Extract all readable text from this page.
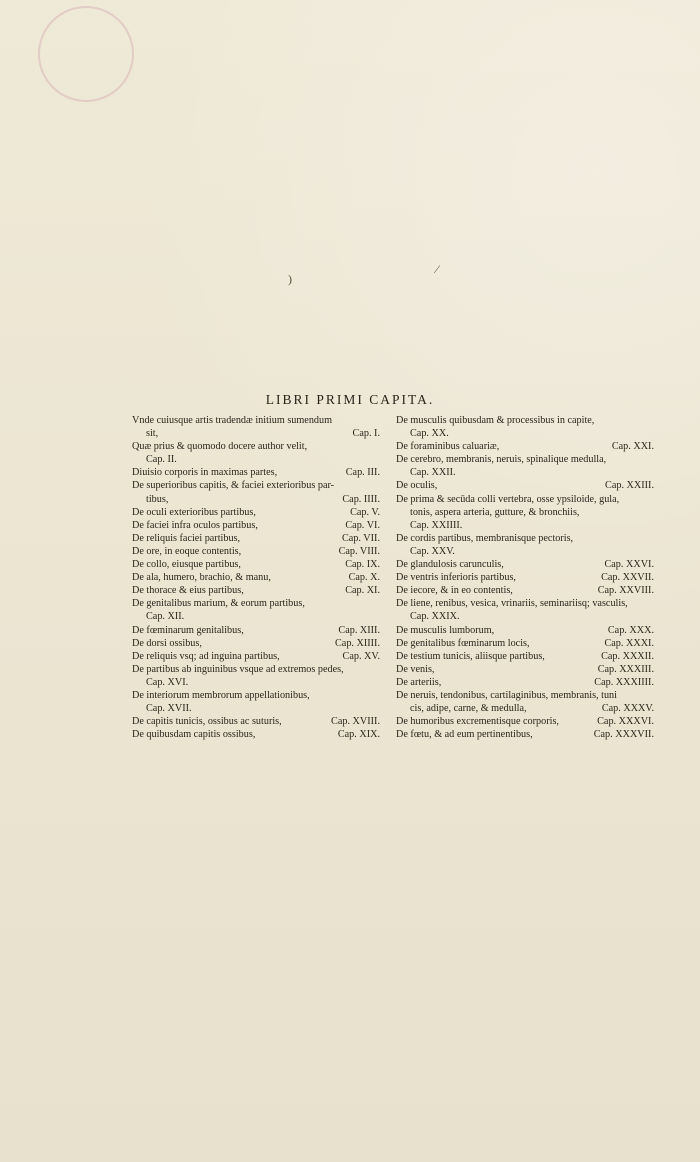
)
⁄
LIBRI PRIMI CAPITA.
Vnde cuiusque artis tradendæ initium sumendum
sit,	Cap. I.
Quæ prius & quomodo docere author velit,
Cap. II.
Diuisio corporis in maximas partes,	Cap. III.
De superioribus capitis, & faciei exterioribus par-
tibus,	Cap. IIII.
De oculi exterioribus partibus,	Cap. V.
De faciei infra oculos partibus,	Cap. VI.
De reliquis faciei partibus,	Cap. VII.
De ore, in eoque contentis,	Cap. VIII.
De collo, eiusque partibus,	Cap. IX.
De ala, humero, brachio, & manu,	Cap. X.
De thorace & eius partibus,	Cap. XI.
De genitalibus marium, & eorum partibus,
Cap. XII.
De fœminarum genitalibus,	Cap. XIII.
De dorsi ossibus,	Cap. XIIII.
De reliquis vsq; ad inguina partibus,	Cap. XV.
De partibus ab inguinibus vsque ad extremos pedes,
Cap. XVI.
De interiorum membrorum appellationibus,
Cap. XVII.
De capitis tunicis, ossibus ac suturis,	Cap. XVIII.
De quibusdam capitis ossibus,	Cap. XIX.
De musculis quibusdam & processibus in capite,
Cap. XX.
De foraminibus caluariæ,	Cap. XXI.
De cerebro, membranis, neruis, spinalique medulla,
Cap. XXII.
De oculis,	Cap. XXIII.
De prima & secūda colli vertebra, osse ypsiloide, gula,
tonis, aspera arteria, gutture, & bronchiis,
Cap. XXIIII.
De cordis partibus, membranisque pectoris,
Cap. XXV.
De glandulosis carunculis,	Cap. XXVI.
De ventris inferioris partibus,	Cap. XXVII.
De iecore, & in eo contentis,	Cap. XXVIII.
De liene, renibus, vesica, vrinariis, seminariisq; vasculis,
Cap. XXIX.
De musculis lumborum,	Cap. XXX.
De genitalibus fœminarum locis,	Cap. XXXI.
De testium tunicis, aliisque partibus,	Cap. XXXII.
De venis,	Cap. XXXIII.
De arteriis,	Cap. XXXIIII.
De neruis, tendonibus, cartilaginibus, membranis, tuni
cis, adipe, carne, & medulla,	Cap. XXXV.
De humoribus excrementisque corporis,	Cap. XXXVI.
De fœtu, & ad eum pertinentibus,	Cap. XXXVII.
